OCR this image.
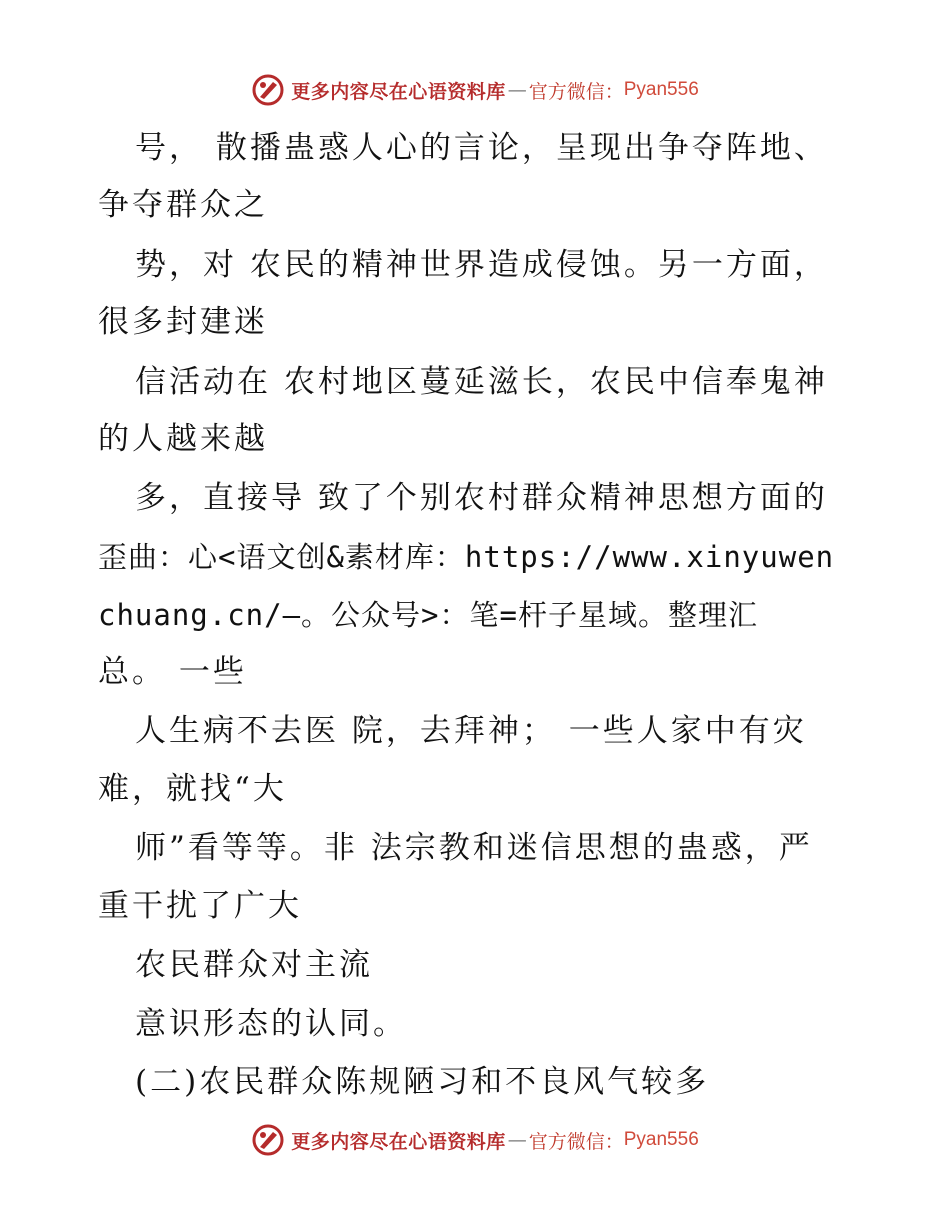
更多内容尽在心语资料库 — 官方微信： Pyan556
号， 散播蛊惑人心的言论，呈现出争夺阵地、
争夺群众之
势，对 农民的精神世界造成侵蚀。另一方面，
很多封建迷
信活动在 农村地区蔓延滋长，农民中信奉鬼神
的人越来越
多，直接导 致了个别农村群众精神思想方面的
歪曲：心<语文创&素材库：https://www.xinyuwen
chuang.cn/—。公众号>：笔=杆子星域。整理汇
总。 一些
人生病不去医 院，去拜神； 一些人家中有灾
难，就找“大
师”看等等。非 法宗教和迷信思想的蛊惑，严
重干扰了广大
农民群众对主流
意识形态的认同。
(二)农民群众陈规陋习和不良风气较多
更多内容尽在心语资料库 — 官方微信： Pyan556
